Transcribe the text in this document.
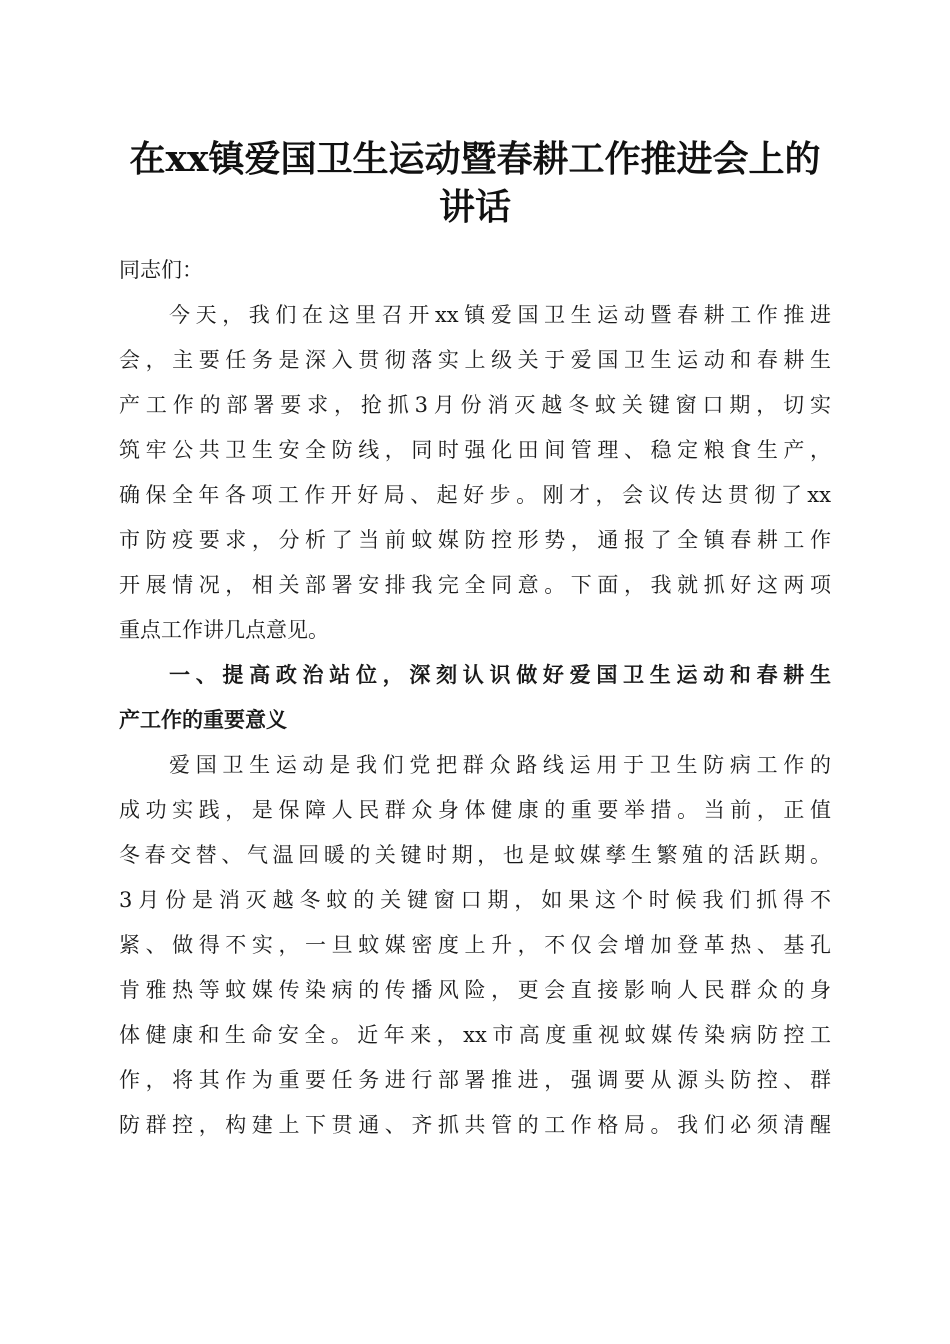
在xx镇爱国卫生运动暨春耕工作推进会上的
讲话
同志们：
今天，我们在这里召开xx镇爱国卫生运动暨春耕工作推进
会，主要任务是深入贯彻落实上级关于爱国卫生运动和春耕生
产工作的部署要求，抢抓3月份消灭越冬蚊关键窗口期，切实
筑牢公共卫生安全防线，同时强化田间管理、稳定粮食生产，
确保全年各项工作开好局、起好步。刚才，会议传达贯彻了xx
市防疫要求，分析了当前蚊媒防控形势，通报了全镇春耕工作
开展情况，相关部署安排我完全同意。下面，我就抓好这两项
重点工作讲几点意见。
一、提高政治站位，深刻认识做好爱国卫生运动和春耕生
产工作的重要意义
爱国卫生运动是我们党把群众路线运用于卫生防病工作的
成功实践，是保障人民群众身体健康的重要举措。当前，正值
冬春交替、气温回暖的关键时期，也是蚊媒孳生繁殖的活跃期。
3月份是消灭越冬蚊的关键窗口期，如果这个时候我们抓得不
紧、做得不实，一旦蚊媒密度上升，不仅会增加登革热、基孔
肯雅热等蚊媒传染病的传播风险，更会直接影响人民群众的身
体健康和生命安全。近年来，xx市高度重视蚊媒传染病防控工
作，将其作为重要任务进行部署推进，强调要从源头防控、群
防群控，构建上下贯通、齐抓共管的工作格局。我们必须清醒
